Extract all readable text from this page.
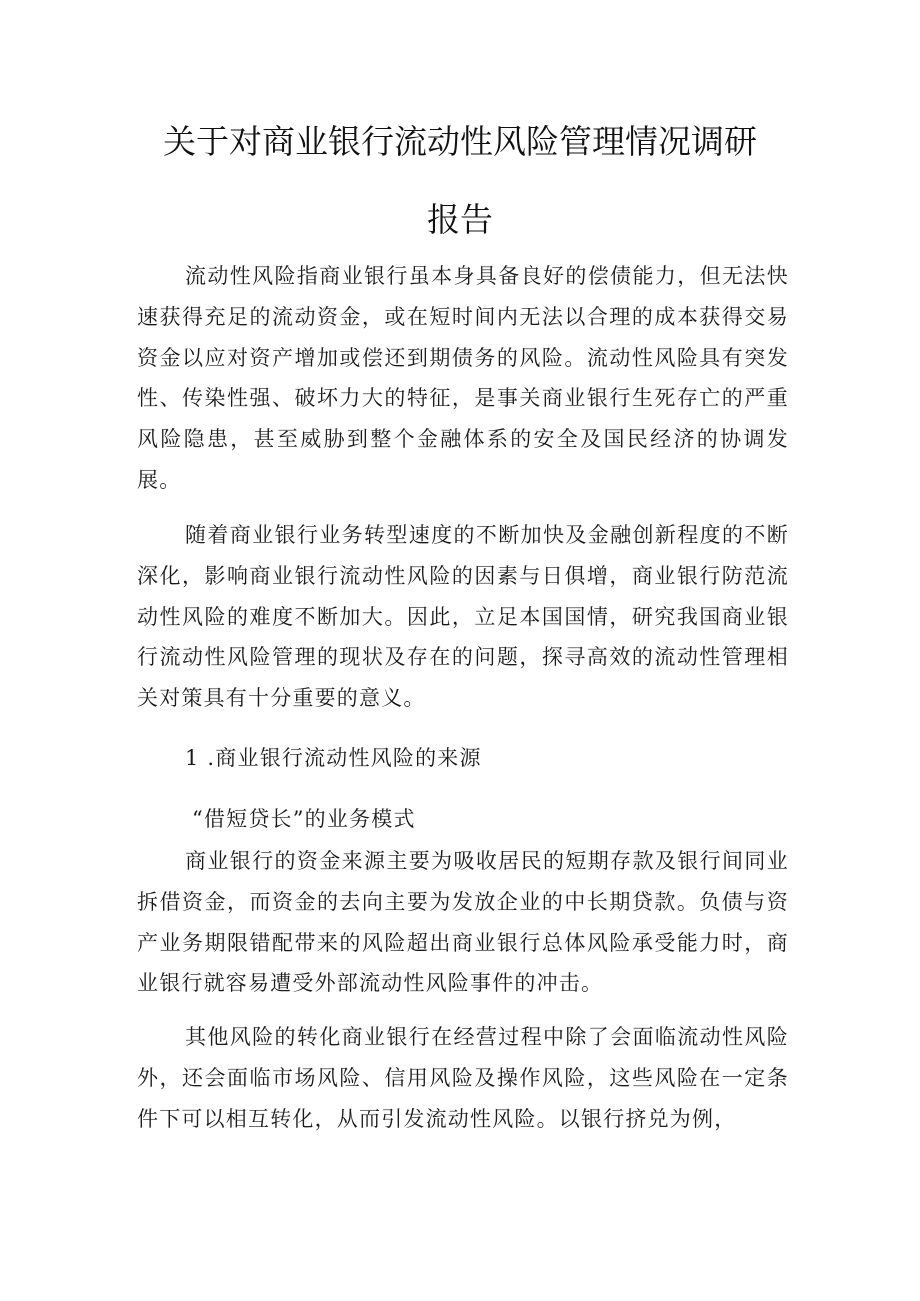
关于对商业银行流动性风险管理情况调研
报告

流动性风险指商业银行虽本身具备良好的偿债能力，但无法快速获得充足的流动资金，或在短时间内无法以合理的成本获得交易资金以应对资产增加或偿还到期债务的风险。流动性风险具有突发性、传染性强、破坏力大的特征，是事关商业银行生死存亡的严重风险隐患，甚至威胁到整个金融体系的安全及国民经济的协调发展。

随着商业银行业务转型速度的不断加快及金融创新程度的不断深化，影响商业银行流动性风险的因素与日俱增，商业银行防范流动性风险的难度不断加大。因此，立足本国国情，研究我国商业银行流动性风险管理的现状及存在的问题，探寻高效的流动性管理相关对策具有十分重要的意义。

1 .商业银行流动性风险的来源

“借短贷长”的业务模式

商业银行的资金来源主要为吸收居民的短期存款及银行间同业拆借资金，而资金的去向主要为发放企业的中长期贷款。负债与资产业务期限错配带来的风险超出商业银行总体风险承受能力时，商业银行就容易遭受外部流动性风险事件的冲击。

其他风险的转化商业银行在经营过程中除了会面临流动性风险外，还会面临市场风险、信用风险及操作风险，这些风险在一定条件下可以相互转化，从而引发流动性风险。以银行挤兑为例，
